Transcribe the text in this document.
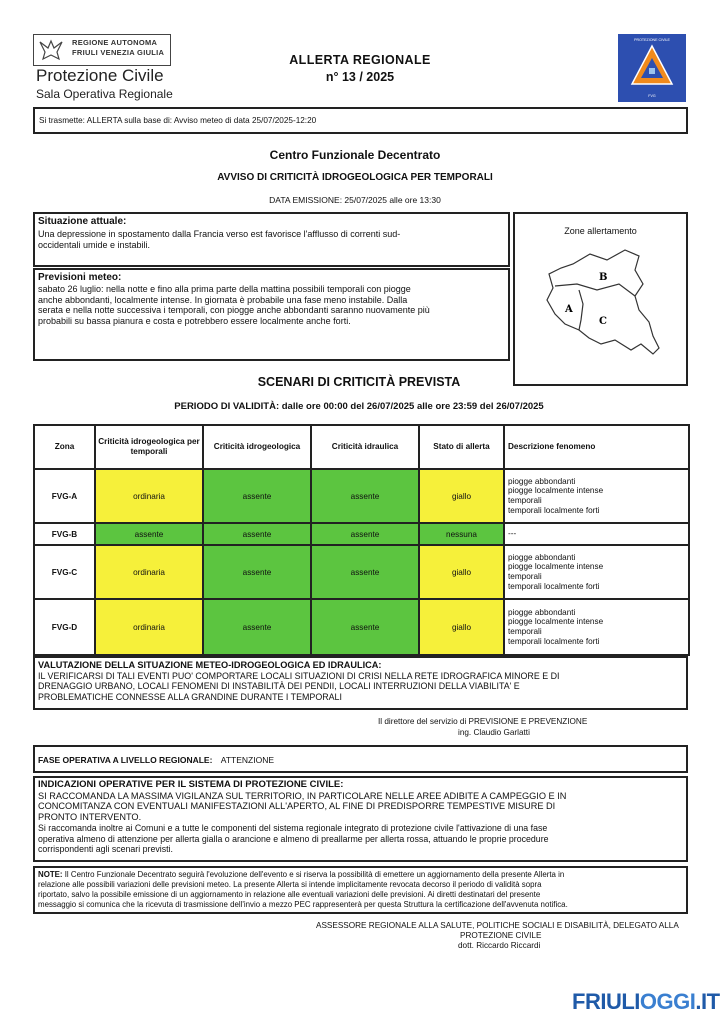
REGIONE AUTONOMA
FRIULI VENEZIA GIULIA
Protezione Civile
Sala Operativa Regionale
ALLERTA REGIONALE
n° 13 / 2025
PROTEZIONE CIVILE
FVG
Si trasmette: ALLERTA sulla base di: Avviso meteo di data 25/07/2025-12:20
Centro Funzionale Decentrato
AVVISO DI CRITICITÀ IDROGEOLOGICA PER TEMPORALI
DATA EMISSIONE: 25/07/2025 alle ore 13:30
Situazione attuale:
Una depressione in spostamento dalla Francia verso est favorisce l'afflusso di correnti sud-
occidentali umide e instabili.
Previsioni meteo:
sabato 26 luglio: nella notte e fino alla prima parte della mattina possibili temporali con piogge
anche abbondanti, localmente intense. In giornata è probabile una fase meno instabile. Dalla
serata e nella notte successiva i temporali, con piogge anche abbondanti saranno nuovamente più
probabili su bassa pianura e costa e potrebbero essere localmente anche forti.
Zone allertamento
B
A
C
SCENARI DI CRITICITÀ PREVISTA
PERIODO DI VALIDITÀ: dalle ore 00:00 del 26/07/2025 alle ore 23:59 del 26/07/2025
Zona	Criticità idrogeologica per temporali	Criticità idrogeologica	Criticità idraulica	Stato di allerta	Descrizione fenomeno
FVG-A	ordinaria	assente	assente	giallo	piogge abbondanti
piogge localmente intense
temporali
temporali localmente forti

FVG-B	assente	assente	assente	nessuna	---
FVG-C	ordinaria	assente	assente	giallo	piogge abbondanti
piogge localmente intense
temporali
temporali localmente forti

FVG-D	ordinaria	assente	assente	giallo	piogge abbondanti
piogge localmente intense
temporali
temporali localmente forti
VALUTAZIONE DELLA SITUAZIONE METEO-IDROGEOLOGICA ED IDRAULICA:
IL VERIFICARSI DI TALI EVENTI PUO' COMPORTARE LOCALI SITUAZIONI DI CRISI NELLA RETE IDROGRAFICA MINORE E DI
DRENAGGIO URBANO, LOCALI FENOMENI DI INSTABILITÀ DEI PENDII, LOCALI INTERRUZIONI DELLA VIABILITA' E
PROBLEMATICHE CONNESSE ALLA GRANDINE DURANTE I TEMPORALI
Il direttore del servizio di PREVISIONE E PREVENZIONE
ing. Claudio Garlatti
FASE OPERATIVA A LIVELLO REGIONALE: ATTENZIONE
INDICAZIONI OPERATIVE PER IL SISTEMA DI PROTEZIONE CIVILE:
SI RACCOMANDA LA MASSIMA VIGILANZA SUL TERRITORIO, IN PARTICOLARE NELLE AREE ADIBITE A CAMPEGGIO E IN
CONCOMITANZA CON EVENTUALI MANIFESTAZIONI ALL'APERTO, AL FINE DI PREDISPORRE TEMPESTIVE MISURE DI
PRONTO INTERVENTO.
Si raccomanda inoltre ai Comuni e a tutte le componenti del sistema regionale integrato di protezione civile l'attivazione di una fase
operativa almeno di attenzione per allerta gialla o arancione e almeno di preallarme per allerta rossa, attuando le proprie procedure
corrispondenti agli scenari previsti.
NOTE: Il Centro Funzionale Decentrato seguirà l'evoluzione dell'evento e si riserva la possibilità di emettere un aggiornamento della presente Allerta in
relazione alle possibili variazioni delle previsioni meteo. La presente Allerta si intende implicitamente revocata decorso il periodo di validità sopra
riportato, salvo la possibile emissione di un aggiornamento in relazione alle eventuali variazioni delle previsioni. Ai diretti destinatari del presente
messaggio si comunica che la ricevuta di trasmissione dell'invio a mezzo PEC rappresenterà per questa Struttura la certificazione dell'avvenuta notifica.
ASSESSORE REGIONALE ALLA SALUTE, POLITICHE SOCIALI E DISABILITÀ, DELEGATO ALLA
PROTEZIONE CIVILE
dott. Riccardo Riccardi
FRIULIOGGI.IT
